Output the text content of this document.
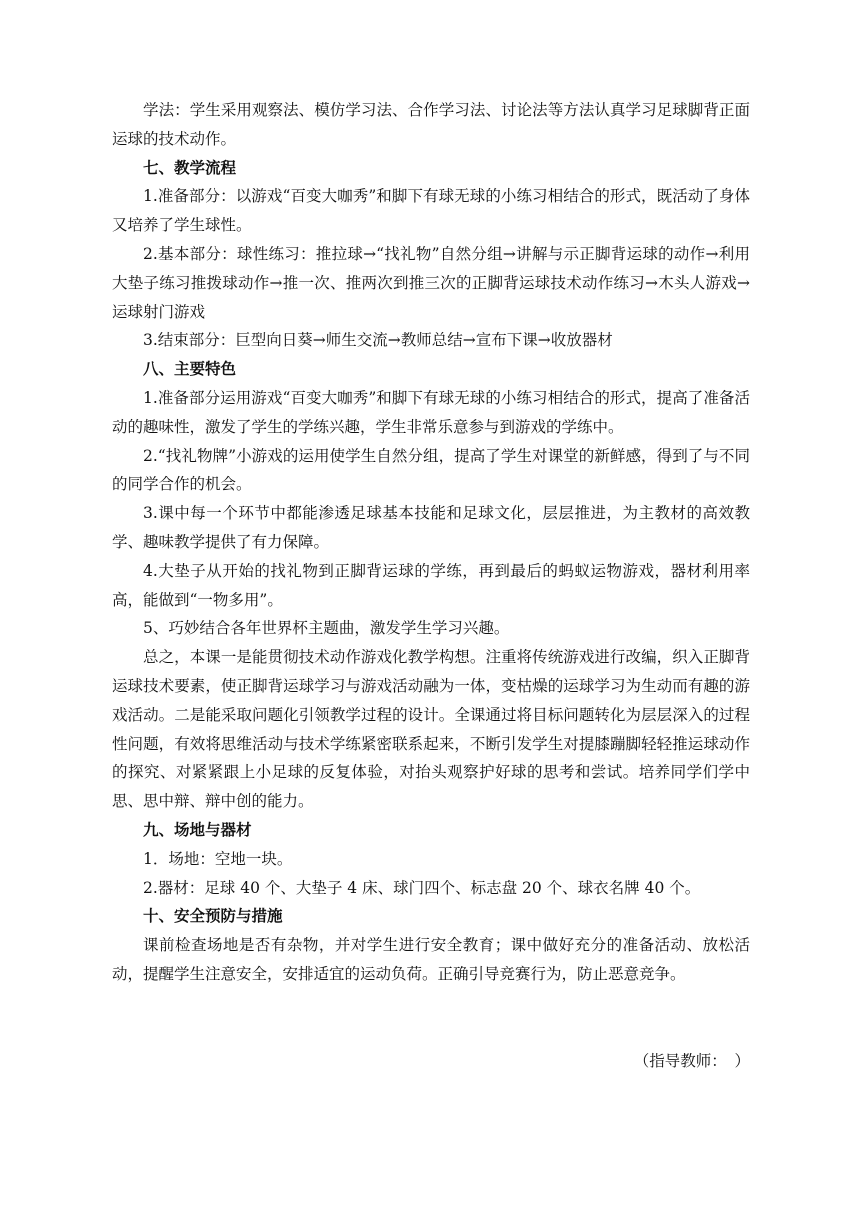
学法：学生采用观察法、模仿学习法、合作学习法、讨论法等方法认真学习足球脚背正面运球的技术动作。

七、教学流程

1.准备部分：以游戏“百变大咖秀”和脚下有球无球的小练习相结合的形式，既活动了身体又培养了学生球性。

2.基本部分：球性练习：推拉球→“找礼物”自然分组→讲解与示正脚背运球的动作→利用大垫子练习推拨球动作→推一次、推两次到推三次的正脚背运球技术动作练习→木头人游戏→运球射门游戏

3.结束部分：巨型向日葵→师生交流→教师总结→宣布下课→收放器材

八、主要特色

1.准备部分运用游戏“百变大咖秀”和脚下有球无球的小练习相结合的形式，提高了准备活动的趣味性，激发了学生的学练兴趣，学生非常乐意参与到游戏的学练中。

2.“找礼物牌”小游戏的运用使学生自然分组，提高了学生对课堂的新鲜感，得到了与不同的同学合作的机会。

3.课中每一个环节中都能渗透足球基本技能和足球文化，层层推进，为主教材的高效教学、趣味教学提供了有力保障。

4.大垫子从开始的找礼物到正脚背运球的学练，再到最后的蚂蚁运物游戏，器材利用率高，能做到“一物多用”。

5、巧妙结合各年世界杯主题曲，激发学生学习兴趣。

总之，本课一是能贯彻技术动作游戏化教学构想。注重将传统游戏进行改编，织入正脚背运球技术要素，使正脚背运球学习与游戏活动融为一体，变枯燥的运球学习为生动而有趣的游戏活动。二是能采取问题化引领教学过程的设计。全课通过将目标问题转化为层层深入的过程性问题，有效将思维活动与技术学练紧密联系起来，不断引发学生对提膝蹦脚轻轻推运球动作的探究、对紧紧跟上小足球的反复体验，对抬头观察护好球的思考和尝试。培养同学们学中思、思中辩、辩中创的能力。

九、场地与器材

1．场地：空地一块。

2.器材：足球 40 个、大垫子 4 床、球门四个、标志盘 20 个、球衣名牌 40 个。

十、安全预防与措施

课前检查场地是否有杂物，并对学生进行安全教育；课中做好充分的准备活动、放松活动，提醒学生注意安全，安排适宜的运动负荷。正确引导竞赛行为，防止恶意竞争。

（指导教师：　）
